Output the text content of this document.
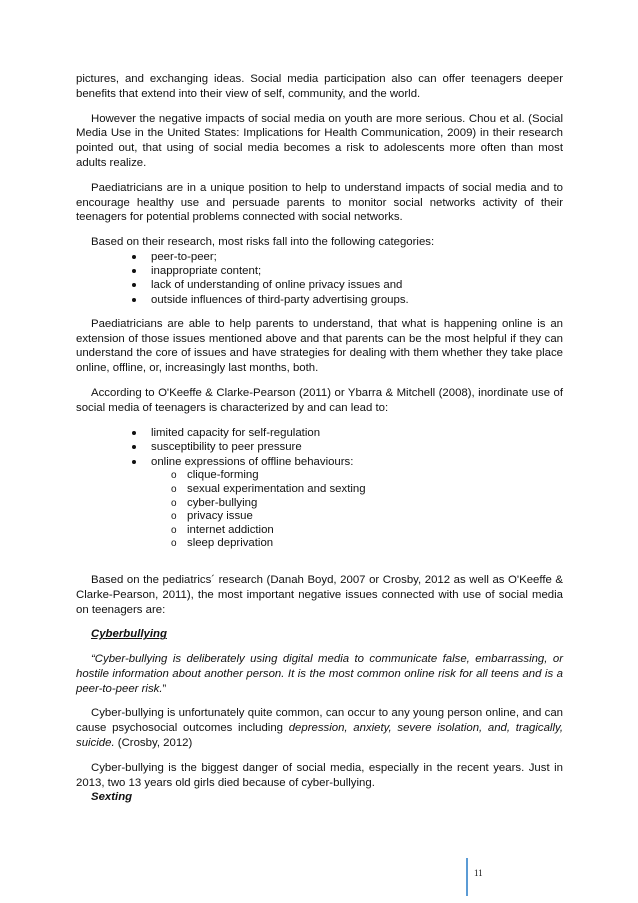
pictures, and exchanging ideas. Social media participation also can offer teenagers deeper benefits that extend into their view of self, community, and the world.

However the negative impacts of social media on youth are more serious. Chou et al. (Social Media Use in the United States: Implications for Health Communication, 2009) in their research pointed out, that using of social media becomes a risk to adolescents more often than most adults realize.

Paediatricians are in a unique position to help to understand impacts of social media and to encourage healthy use and persuade parents to monitor social networks activity of their teenagers for potential problems connected with social networks.

Based on their research, most risks fall into the following categories:

peer-to-peer;
inappropriate content;
lack of understanding of online privacy issues and
outside influences of third-party advertising groups.

Paediatricians are able to help parents to understand, that what is happening online is an extension of those issues mentioned above and that parents can be the most helpful if they can understand the core of issues and have strategies for dealing with them whether they take place online, offline, or, increasingly last months, both.

According to O'Keeffe & Clarke-Pearson (2011) or Ybarra & Mitchell (2008), inordinate use of social media of teenagers is characterized by and can lead to:

limited capacity for self-regulation
susceptibility to peer pressure
online expressions of offline behaviours:
o clique-forming
o sexual experimentation and sexting
o cyber-bullying
o privacy issue
o internet addiction
o sleep deprivation

Based on the pediatrics´ research (Danah Boyd, 2007 or Crosby, 2012 as well as O'Keeffe & Clarke-Pearson, 2011), the most important negative issues connected with use of social media on teenagers are:

Cyberbullying

“Cyber-bullying is deliberately using digital media to communicate false, embarrassing, or hostile information about another person. It is the most common online risk for all teens and is a peer-to-peer risk.”

Cyber-bullying is unfortunately quite common, can occur to any young person online, and can cause psychosocial outcomes including depression, anxiety, severe isolation, and, tragically, suicide. (Crosby, 2012)

Cyber-bullying is the biggest danger of social media, especially in the recent years. Just in 2013, two 13 years old girls died because of cyber-bullying.

Sexting
11
